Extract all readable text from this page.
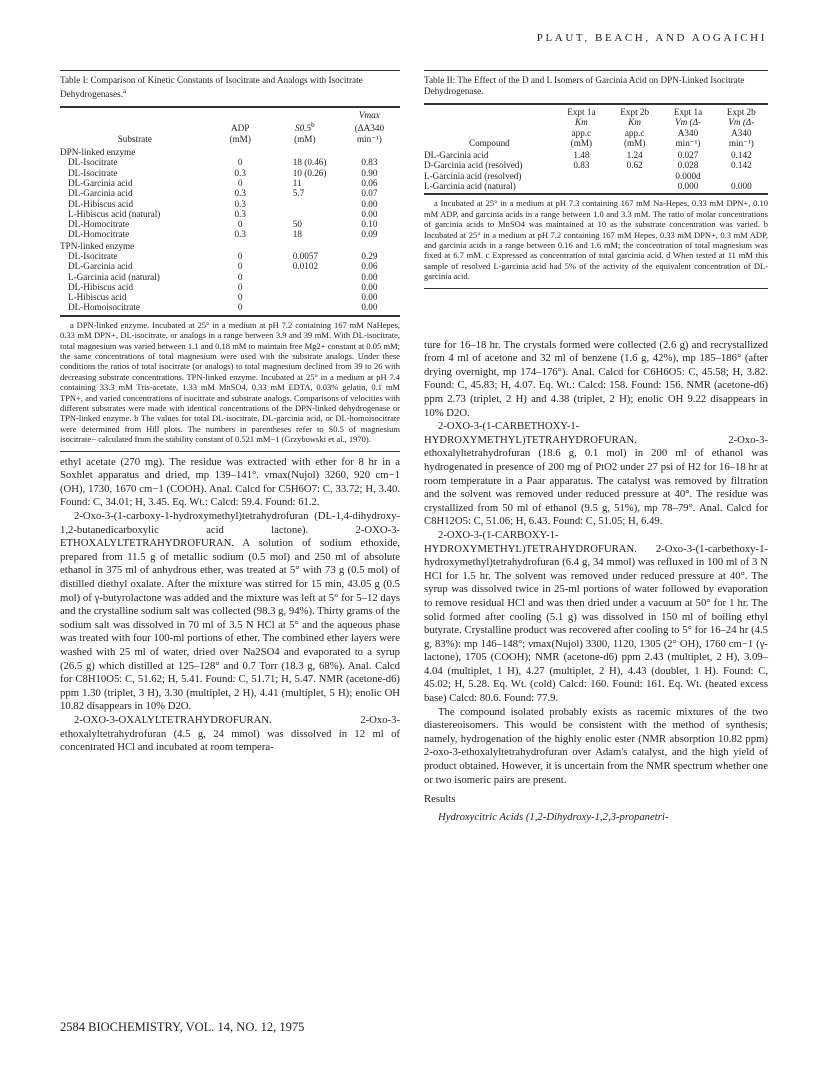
PLAUT, BEACH, AND AOGAICHI
Table I: Comparison of Kinetic Constants of Isocitrate and Analogs with Isocitrate Dehydrogenases.$^a$
			Vmax
	ADP	S0.5$^b$	(ΔA340
Substrate	(mM)	(mM)	min⁻¹)
DPN-linked enzyme			
DL-Isocitrate	0	18 (0.46)	0.83
DL-Isocitrate	0.3	10 (0.26)	0.90
DL-Garcinia acid	0	11	0.06
DL-Garcinia acid	0.3	5.7	0.07
DL-Hibiscus acid	0.3		0.00
L-Hibiscus acid (natural)	0.3		0.00
DL-Homocitrate	0	50	0.10
DL-Homocitrate	0.3	18	0.09
TPN-linked enzyme			
DL-Isocitrate	0	0.0057	0.29
DL-Garcinia acid	0	0.0102	0.06
L-Garcinia acid (natural)	0		0.00
DL-Hibiscus acid	0		0.00
L-Hibiscus acid	0		0.00
DL-Homoisocitrate	0		0.00
a DPN-linked enzyme. Incubated at 25° in a medium at pH 7.2 containing 167 mM NaHepes, 0.33 mM DPN+, DL-isocitrate, or analogs in a range between 3.9 and 39 mM. With DL-isocitrate, total magnesium was varied between 1.1 and 0.18 mM to maintain free Mg2+ constant at 0.05 mM; the same concentrations of total magnesium were used with the substrate analogs. Under these conditions the ratios of total isocitrate (or analogs) to total magnesium declined from 39 to 26 with decreasing substrate concentrations. TPN-linked enzyme. Incubated at 25° in a medium at pH 7.4 containing 33.3 mM Tris-acetate, 1.33 mM MnSO4, 0.33 mM EDTA, 0.03% gelatin, 0.1 mM TPN+, and varied concentrations of isocitrate and substrate analogs. Comparisons of velocities with different substrates were made with identical concentrations of the DPN-linked dehydrogenase or TPN-linked enzyme. b The values for total DL-isocitrate, DL-garcinia acid, or DL-homoisocitrate were determined from Hill plots. The numbers in parentheses refer to S0.5 of magnesium isocitrate− calculated from the stability constant of 0.521 mM−1 (Grzybowski et al., 1970).

ethyl acetate (270 mg). The residue was extracted with ether for 8 hr in a Soxhlet apparatus and dried, mp 139–141°. νmax(Nujol) 3260, 920 cm−1 (OH), 1730, 1670 cm−1 (COOH). Anal. Calcd for C5H6O7: C, 33.72; H, 3.40. Found: C, 34.01; H, 3.45. Eq. Wt.: Calcd: 59.4. Found: 61.2.

2-Oxo-3-(1-carboxy-1-hydroxymethyl)tetrahydrofuran (DL-1,4-dihydroxy-1,2-butanedicarboxylic acid lactone). 2-OXO-3-ETHOXALYLTETRAHYDROFURAN. A solution of sodium ethoxide, prepared from 11.5 g of metallic sodium (0.5 mol) and 250 ml of absolute ethanol in 375 ml of anhydrous ether, was treated at 5° with 73 g (0.5 mol) of distilled diethyl oxalate. After the mixture was stirred for 15 min, 43.05 g (0.5 mol) of γ-butyrolactone was added and the mixture was left at 5° for 5–12 days and the crystalline sodium salt was collected (98.3 g, 94%). Thirty grams of the sodium salt was dissolved in 70 ml of 3.5 N HCl at 5° and the aqueous phase was treated with four 100-ml portions of ether. The combined ether layers were washed with 25 ml of water, dried over Na2SO4 and evaporated to a syrup (26.5 g) which distilled at 125–128° and 0.7 Torr (18.3 g, 68%). Anal. Calcd for C8H10O5: C, 51.62; H, 5.41. Found: C, 51.71; H, 5.47. NMR (acetone-d6) ppm 1.30 (triplet, 3 H), 3.30 (multiplet, 2 H), 4.41 (multiplet, 5 H); enolic OH 10.82 disappears in 10% D2O.

2-OXO-3-OXALYLTETRAHYDROFURAN. 2-Oxo-3-ethoxalyltetrahydrofuran (4.5 g, 24 mmol) was dissolved in 12 ml of concentrated HCl and incubated at room tempera-

Table II: The Effect of the D and L Isomers of Garcinia Acid on DPN-Linked Isocitrate Dehydrogenase.
	Expt 1a	Expt 2b	Expt 1a	Expt 2b
	Km	Km	Vm (Δ-	Vm (Δ-
	app.c	app.c	A340	A340
Compound	(mM)	(mM)	min⁻¹)	min⁻¹)
DL-Garcinia acid	1.48	1.24	0.027	0.142
D-Garcinia acid (resolved)	0.83	0.62	0.028	0.142
L-Garcinia acid (resolved)			0.000d	
L-Garcinia acid (natural)			0.000	0.000
a Incubated at 25° in a medium at pH 7.3 containing 167 mM Na-Hepes, 0.33 mM DPN+, 0.10 mM ADP, and garcinia acids in a range between 1.0 and 3.3 mM. The ratio of molar concentrations of garcinia acids to MnSO4 was maintained at 10 as the substrate concentration was varied. b Incubated at 25° in a medium at pH 7.2 containing 167 mM Hepes, 0.33 mM DPN+, 0.3 mM ADP, and garcinia acids in a range between 0.16 and 1.6 mM; the concentration of total magnesium was fixed at 6.7 mM. c Expressed as concentration of total garcinia acid. d When tested at 11 mM this sample of resolved L-garcinia acid had 5% of the activity of the equivalent concentration of DL-garcinia acid.

ture for 16–18 hr. The crystals formed were collected (2.6 g) and recrystallized from 4 ml of acetone and 32 ml of benzene (1.6 g, 42%), mp 185–186° (after drying overnight, mp 174–176°). Anal. Calcd for C6H6O5: C, 45.58; H, 3.82. Found: C, 45.83; H, 4.07. Eq. Wt.: Calcd: 158. Found: 156. NMR (acetone-d6) ppm 2.73 (triplet, 2 H) and 4.38 (triplet, 2 H); enolic OH 9.22 disappears in 10% D2O.

2-OXO-3-(1-CARBETHOXY-1-HYDROXYMETHYL)TETRAHYDROFURAN. 2-Oxo-3-ethoxalyltetrahydrofuran (18.6 g, 0.1 mol) in 200 ml of ethanol was hydrogenated in presence of 200 mg of PtO2 under 27 psi of H2 for 16–18 hr at room temperature in a Paar apparatus. The catalyst was removed by filtration and the solvent was removed under reduced pressure at 40°. The residue was crystallized from 50 ml of ethanol (9.5 g, 51%), mp 78–79°. Anal. Calcd for C8H12O5: C, 51.06; H, 6.43. Found: C, 51.05; H, 6.49.

2-OXO-3-(1-CARBOXY-1-HYDROXYMETHYL)TETRAHYDROFURAN. 2-Oxo-3-(1-carbethoxy-1-hydroxymethyl)tetrahydrofuran (6.4 g, 34 mmol) was refluxed in 100 ml of 3 N HCl for 1.5 hr. The solvent was removed under reduced pressure at 40°. The syrup was dissolved twice in 25-ml portions of water followed by evaporation to remove residual HCl and was then dried under a vacuum at 50° for 1 hr. The solid formed after cooling (5.1 g) was dissolved in 150 ml of boiling ethyl butyrate. Crystalline product was recovered after cooling to 5° for 16–24 hr (4.5 g, 83%): mp 146–148°; νmax(Nujol) 3300, 1120, 1305 (2° OH), 1760 cm−1 (γ-lactone), 1705 (COOH); NMR (acetone-d6) ppm 2.43 (multiplet, 2 H), 3.09–4.04 (multiplet, 1 H), 4.27 (multiplet, 2 H), 4.43 (doublet, 1 H). Found: C, 45.02; H, 5.28. Eq. Wt. (cold) Calcd: 160. Found: 161. Eq. Wt. (heated excess base) Calcd: 80.6. Found: 77.9.

The compound isolated probably exists as racemic mixtures of the two diastereoisomers. This would be consistent with the method of synthesis; namely, hydrogenation of the highly enolic ester (NMR absorption 10.82 ppm) 2-oxo-3-ethoxalyltetrahydrofuran over Adam's catalyst, and the high yield of product obtained. However, it is uncertain from the NMR spectrum whether one or two isomeric pairs are present.

Results

Hydroxycitric Acids (1,2-Dihydroxy-1,2,3-propanetri-

2584 BIOCHEMISTRY, VOL. 14, NO. 12, 1975
